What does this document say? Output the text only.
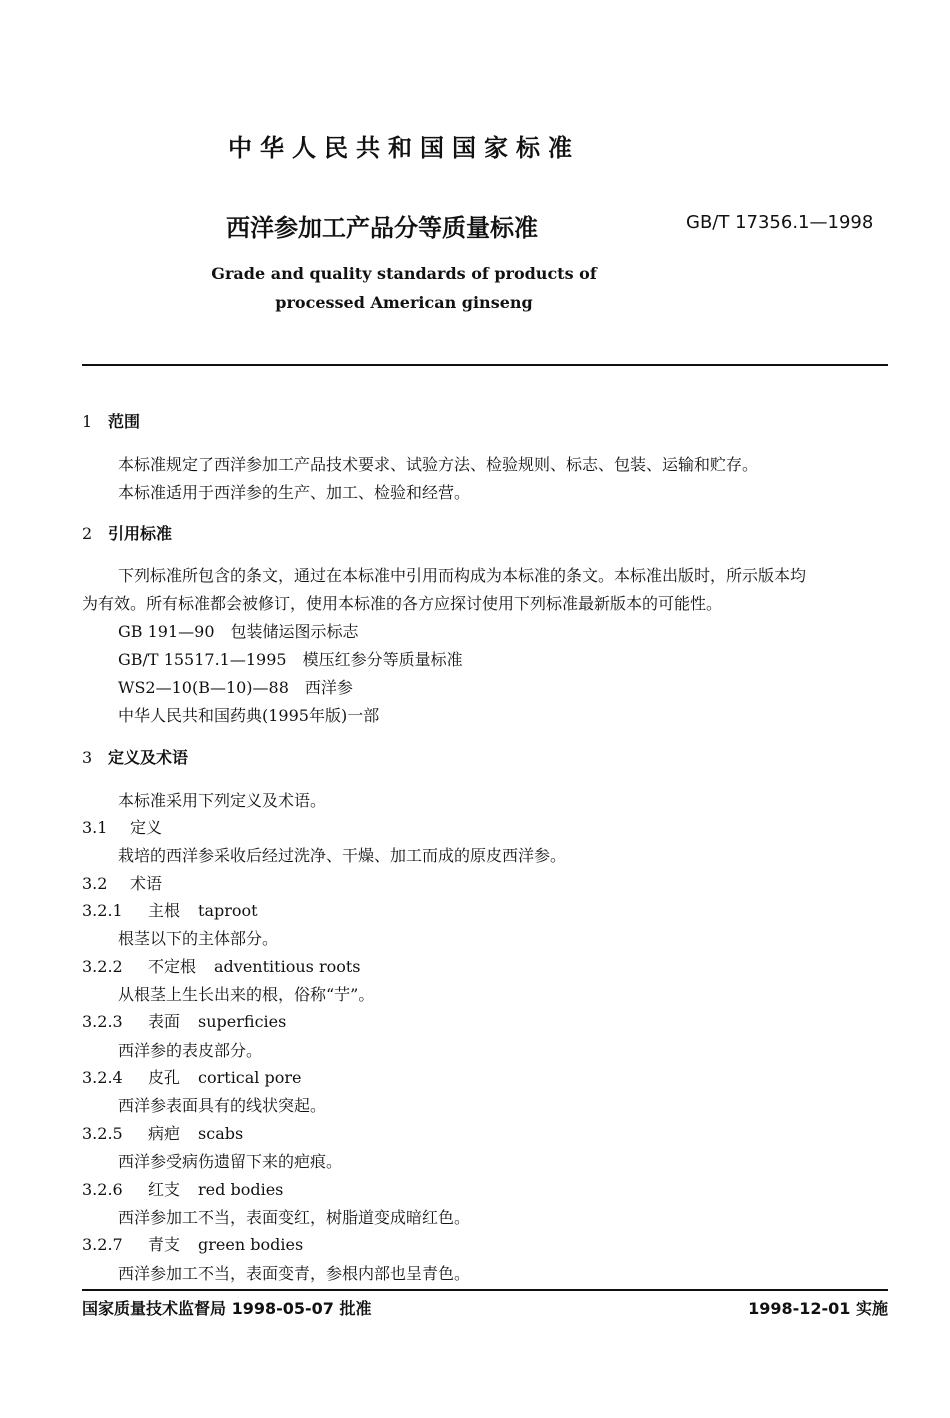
中华人民共和国国家标准
西洋参加工产品分等质量标准	GB/T 17356.1—1998
Grade and quality standards of products of
processed American ginseng
1 范围
本标准规定了西洋参加工产品技术要求、试验方法、检验规则、标志、包装、运输和贮存。
本标准适用于西洋参的生产、加工、检验和经营。
2 引用标准
下列标准所包含的条文，通过在本标准中引用而构成为本标准的条文。本标准出版时，所示版本均
为有效。所有标准都会被修订，使用本标准的各方应探讨使用下列标准最新版本的可能性。
GB 191—90　包装储运图示标志
GB/T 15517.1—1995　模压红参分等质量标准
WS2—10(B—10)—88　西洋参
中华人民共和国药典(1995年版)一部
3 定义及术语
本标准采用下列定义及术语。
3.1 定义
栽培的西洋参采收后经过洗净、干燥、加工而成的原皮西洋参。
3.2 术语
3.2.1 主根 taproot
根茎以下的主体部分。
3.2.2 不定根 adventitious roots
从根茎上生长出来的根，俗称“艼”。
3.2.3 表面 superficies
西洋参的表皮部分。
3.2.4 皮孔 cortical pore
西洋参表面具有的线状突起。
3.2.5 病疤 scabs
西洋参受病伤遗留下来的疤痕。
3.2.6 红支 red bodies
西洋参加工不当，表面变红，树脂道变成暗红色。
3.2.7 青支 green bodies
西洋参加工不当，表面变青，参根内部也呈青色。
国家质量技术监督局 1998-05-07 批准	1998-12-01 实施
